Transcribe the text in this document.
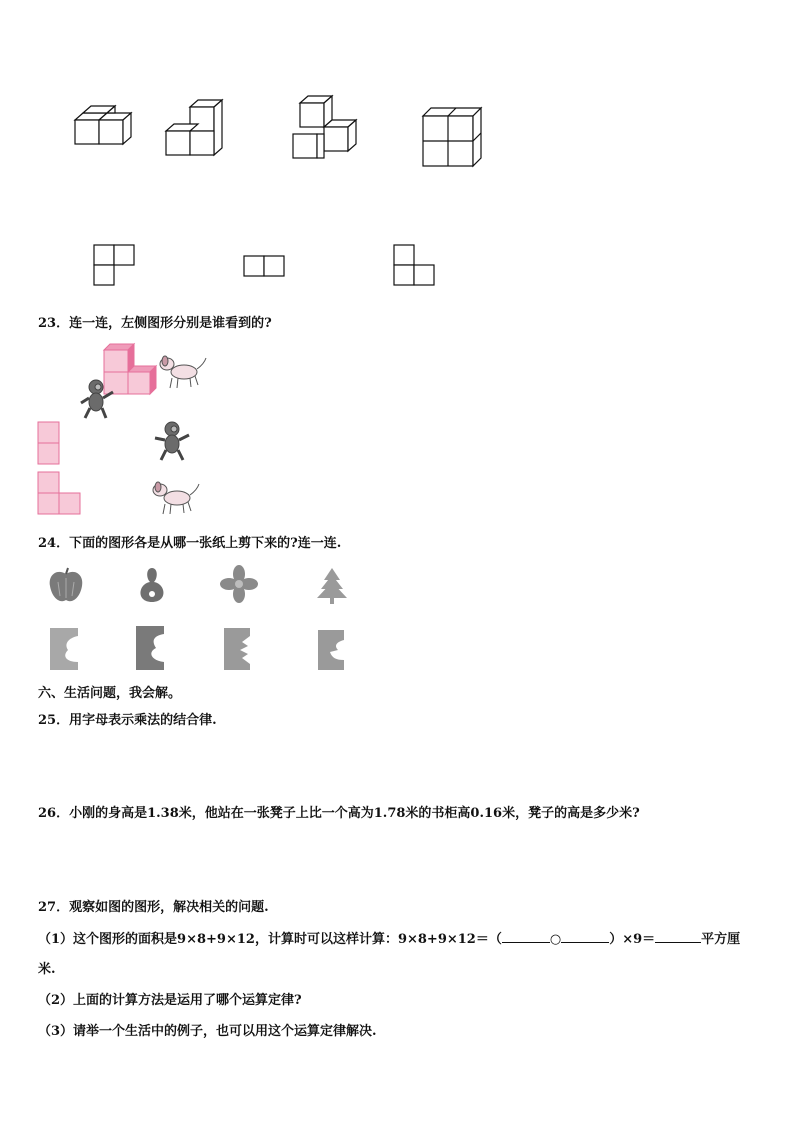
23．连一连，左侧图形分别是谁看到的?
24．下面的图形各是从哪一张纸上剪下来的?连一连.
六、生活问题，我会解。
25．用字母表示乘法的结合律.
26．小刚的身高是1.38米，他站在一张凳子上比一个高为1.78米的书柜高0.16米，凳子的高是多少米?
27．观察如图的图形，解决相关的问题.
（1）这个图形的面积是9×8+9×12，计算时可以这样计算：9×8+9×12＝（	○	）×9＝	平方厘
米.
（2）上面的计算方法是运用了哪个运算定律?
（3）请举一个生活中的例子，也可以用这个运算定律解决.
